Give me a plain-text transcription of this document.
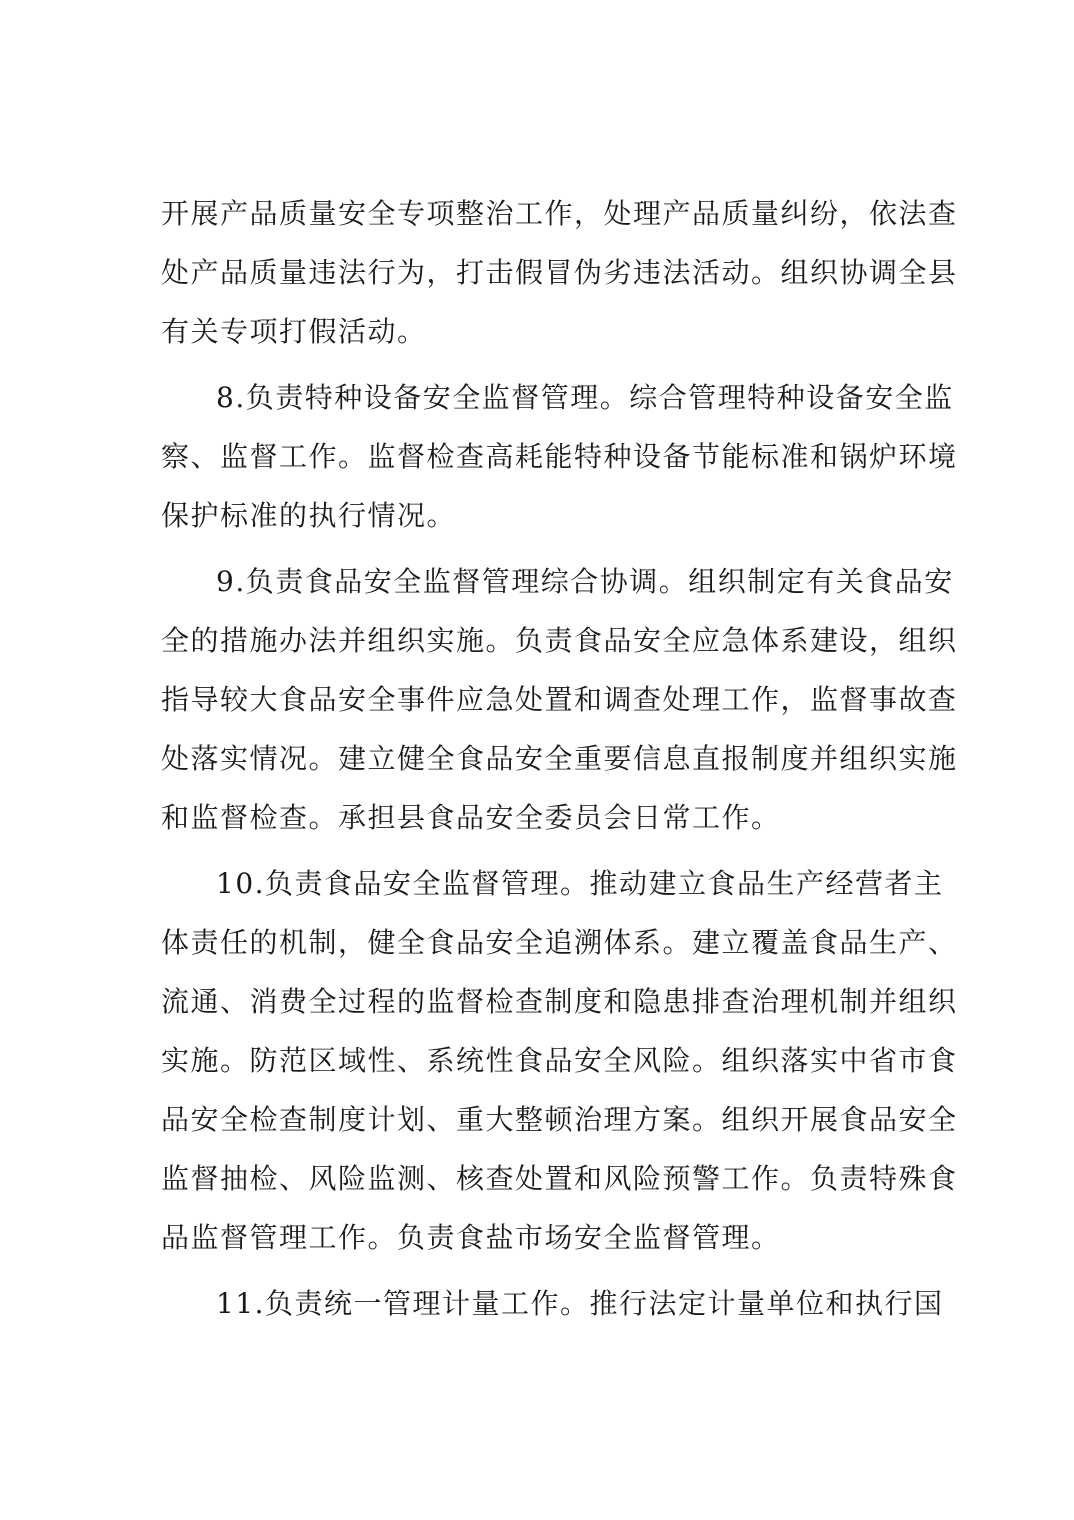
开展产品质量安全专项整治工作，处理产品质量纠纷，依法查
处产品质量违法行为，打击假冒伪劣违法活动。组织协调全县
有关专项打假活动。
8.负责特种设备安全监督管理。综合管理特种设备安全监
察、监督工作。监督检查高耗能特种设备节能标准和锅炉环境
保护标准的执行情况。
9.负责食品安全监督管理综合协调。组织制定有关食品安
全的措施办法并组织实施。负责食品安全应急体系建设，组织
指导较大食品安全事件应急处置和调查处理工作，监督事故查
处落实情况。建立健全食品安全重要信息直报制度并组织实施
和监督检查。承担县食品安全委员会日常工作。
10.负责食品安全监督管理。推动建立食品生产经营者主
体责任的机制，健全食品安全追溯体系。建立覆盖食品生产、
流通、消费全过程的监督检查制度和隐患排查治理机制并组织
实施。防范区域性、系统性食品安全风险。组织落实中省市食
品安全检查制度计划、重大整顿治理方案。组织开展食品安全
监督抽检、风险监测、核查处置和风险预警工作。负责特殊食
品监督管理工作。负责食盐市场安全监督管理。
11.负责统一管理计量工作。推行法定计量单位和执行国
